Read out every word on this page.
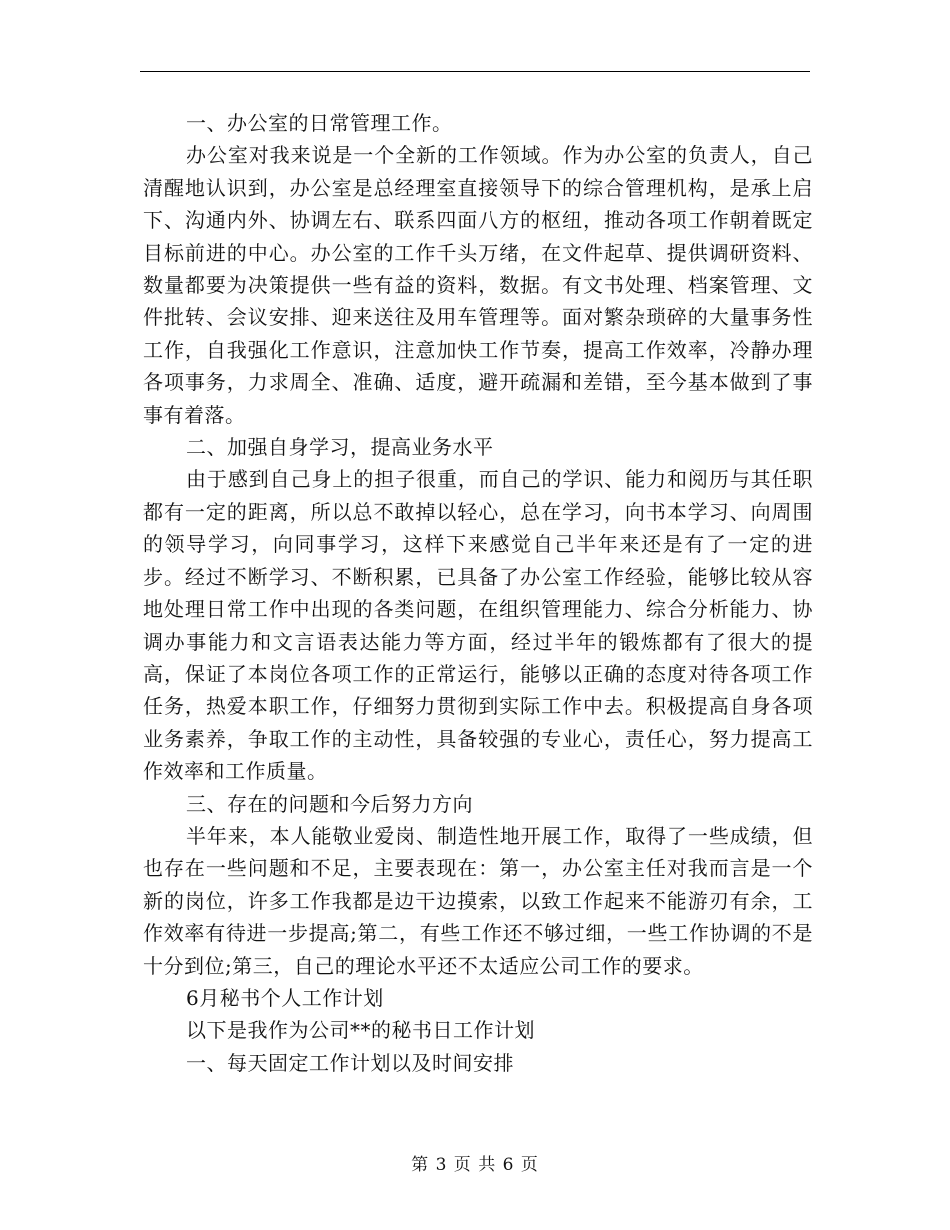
一、办公室的日常管理工作。

办公室对我来说是一个全新的工作领域。作为办公室的负责人，自己清醒地认识到，办公室是总经理室直接领导下的综合管理机构，是承上启下、沟通内外、协调左右、联系四面八方的枢纽，推动各项工作朝着既定目标前进的中心。办公室的工作千头万绪，在文件起草、提供调研资料、数量都要为决策提供一些有益的资料，数据。有文书处理、档案管理、文件批转、会议安排、迎来送往及用车管理等。面对繁杂琐碎的大量事务性工作，自我强化工作意识，注意加快工作节奏，提高工作效率，冷静办理各项事务，力求周全、准确、适度，避开疏漏和差错，至今基本做到了事事有着落。

二、加强自身学习，提高业务水平

由于感到自己身上的担子很重，而自己的学识、能力和阅历与其任职都有一定的距离，所以总不敢掉以轻心，总在学习，向书本学习、向周围的领导学习，向同事学习，这样下来感觉自己半年来还是有了一定的进步。经过不断学习、不断积累，已具备了办公室工作经验，能够比较从容地处理日常工作中出现的各类问题，在组织管理能力、综合分析能力、协调办事能力和文言语表达能力等方面，经过半年的锻炼都有了很大的提高，保证了本岗位各项工作的正常运行，能够以正确的态度对待各项工作任务，热爱本职工作，仔细努力贯彻到实际工作中去。积极提高自身各项业务素养，争取工作的主动性，具备较强的专业心，责任心，努力提高工作效率和工作质量。

三、存在的问题和今后努力方向

半年来，本人能敬业爱岗、制造性地开展工作，取得了一些成绩，但也存在一些问题和不足，主要表现在：第一，办公室主任对我而言是一个新的岗位，许多工作我都是边干边摸索，以致工作起来不能游刃有余，工作效率有待进一步提高;第二，有些工作还不够过细，一些工作协调的不是十分到位;第三，自己的理论水平还不太适应公司工作的要求。

6月秘书个人工作计划

以下是我作为公司**的秘书日工作计划

一、每天固定工作计划以及时间安排

第 3 页 共 6 页
